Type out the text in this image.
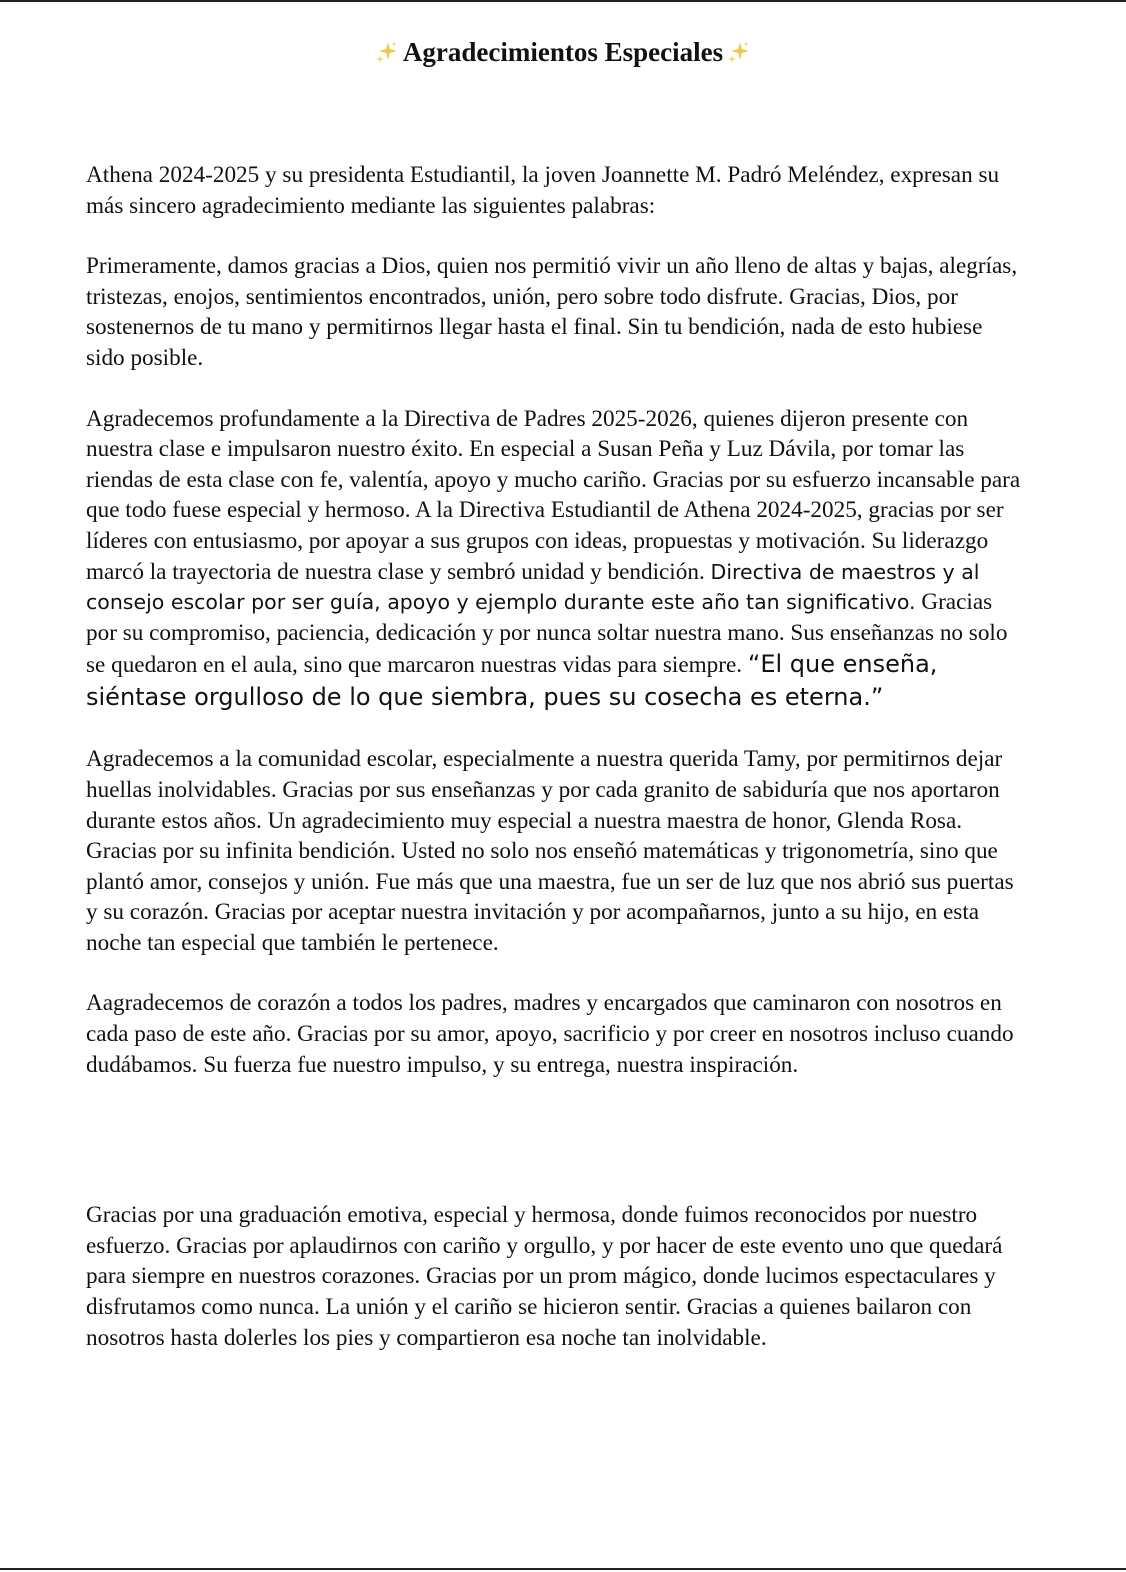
Agradecimientos Especiales

Athena 2024-2025 y su presidenta Estudiantil, la joven Joannette M. Padró Meléndez, expresan su más sincero agradecimiento mediante las siguientes palabras:

Primeramente, damos gracias a Dios, quien nos permitió vivir un año lleno de altas y bajas, alegrías, tristezas, enojos, sentimientos encontrados, unión, pero sobre todo disfrute. Gracias, Dios, por sostenernos de tu mano y permitirnos llegar hasta el final. Sin tu bendición, nada de esto hubiese sido posible.

Agradecemos profundamente a la Directiva de Padres 2025-2026, quienes dijeron presente con nuestra clase e impulsaron nuestro éxito. En especial a Susan Peña y Luz Dávila, por tomar las riendas de esta clase con fe, valentía, apoyo y mucho cariño. Gracias por su esfuerzo incansable para que todo fuese especial y hermoso. A la Directiva Estudiantil de Athena 2024-2025, gracias por ser líderes con entusiasmo, por apoyar a sus grupos con ideas, propuestas y motivación. Su liderazgo marcó la trayectoria de nuestra clase y sembró unidad y bendición. Directiva de maestros y al consejo escolar por ser guía, apoyo y ejemplo durante este año tan significativo. Gracias por su compromiso, paciencia, dedicación y por nunca soltar nuestra mano. Sus enseñanzas no solo se quedaron en el aula, sino que marcaron nuestras vidas para siempre. “El que enseña, siéntase orgulloso de lo que siembra, pues su cosecha es eterna.”

Agradecemos a la comunidad escolar, especialmente a nuestra querida Tamy, por permitirnos dejar huellas inolvidables. Gracias por sus enseñanzas y por cada granito de sabiduría que nos aportaron durante estos años. Un agradecimiento muy especial a nuestra maestra de honor, Glenda Rosa. Gracias por su infinita bendición. Usted no solo nos enseñó matemáticas y trigonometría, sino que plantó amor, consejos y unión. Fue más que una maestra, fue un ser de luz que nos abrió sus puertas y su corazón. Gracias por aceptar nuestra invitación y por acompañarnos, junto a su hijo, en esta noche tan especial que también le pertenece.

Aagradecemos de corazón a todos los padres, madres y encargados que caminaron con nosotros en cada paso de este año. Gracias por su amor, apoyo, sacrificio y por creer en nosotros incluso cuando dudábamos. Su fuerza fue nuestro impulso, y su entrega, nuestra inspiración.

Gracias por una graduación emotiva, especial y hermosa, donde fuimos reconocidos por nuestro esfuerzo. Gracias por aplaudirnos con cariño y orgullo, y por hacer de este evento uno que quedará para siempre en nuestros corazones. Gracias por un prom mágico, donde lucimos espectaculares y disfrutamos como nunca. La unión y el cariño se hicieron sentir. Gracias a quienes bailaron con nosotros hasta dolerles los pies y compartieron esa noche tan inolvidable.
